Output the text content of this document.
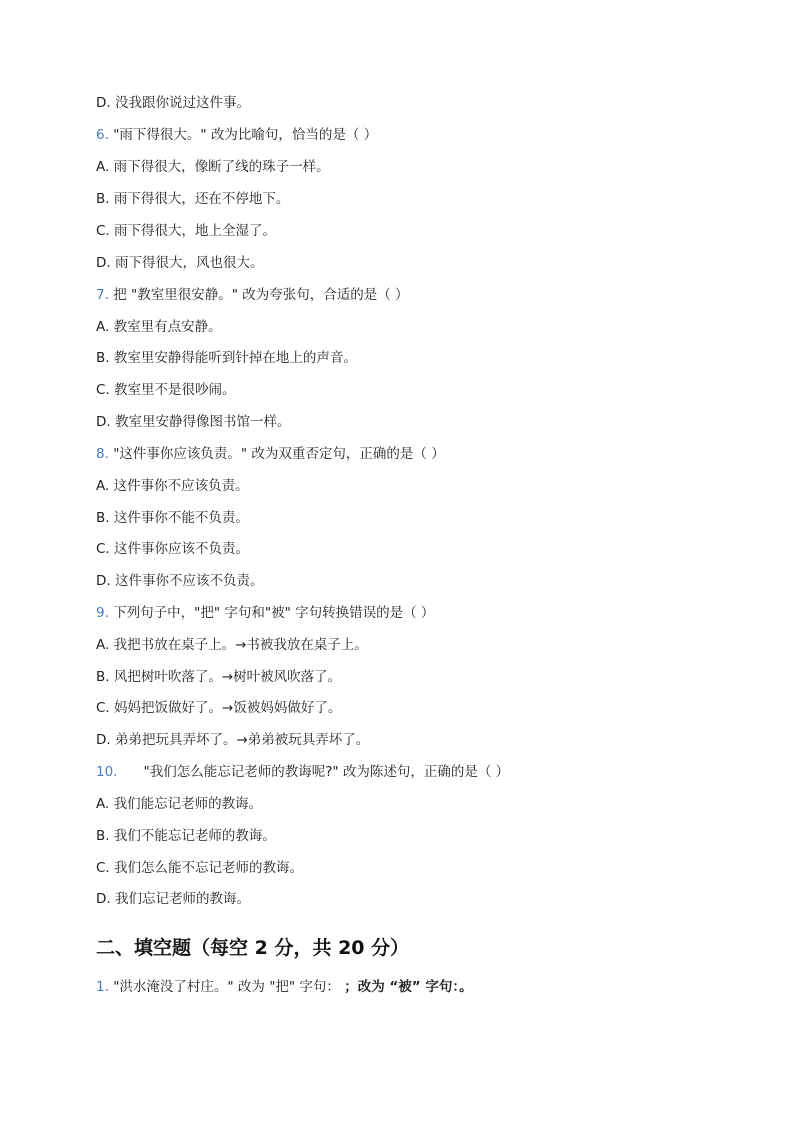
D. 没我跟你说过这件事。
6. "雨下得很大。" 改为比喻句，恰当的是（ ）
A. 雨下得很大，像断了线的珠子一样。
B. 雨下得很大，还在不停地下。
C. 雨下得很大，地上全湿了。
D. 雨下得很大，风也很大。
7. 把 "教室里很安静。" 改为夸张句，合适的是（ ）
A. 教室里有点安静。
B. 教室里安静得能听到针掉在地上的声音。
C. 教室里不是很吵闹。
D. 教室里安静得像图书馆一样。
8. "这件事你应该负责。" 改为双重否定句，正确的是（ ）
A. 这件事你不应该负责。
B. 这件事你不能不负责。
C. 这件事你应该不负责。
D. 这件事你不应该不负责。
9. 下列句子中，"把" 字句和"被" 字句转换错误的是（ ）
A. 我把书放在桌子上。→书被我放在桌子上。
B. 风把树叶吹落了。→树叶被风吹落了。
C. 妈妈把饭做好了。→饭被妈妈做好了。
D. 弟弟把玩具弄坏了。→弟弟被玩具弄坏了。
10. "我们怎么能忘记老师的教诲呢?" 改为陈述句，正确的是（ ）
A. 我们能忘记老师的教诲。
B. 我们不能忘记老师的教诲。
C. 我们怎么能不忘记老师的教诲。
D. 我们忘记老师的教诲。
二、填空题（每空 2 分，共 20 分）
1. "洪水淹没了村庄。" 改为 "把" 字句： ；改为 “被” 字句：。
